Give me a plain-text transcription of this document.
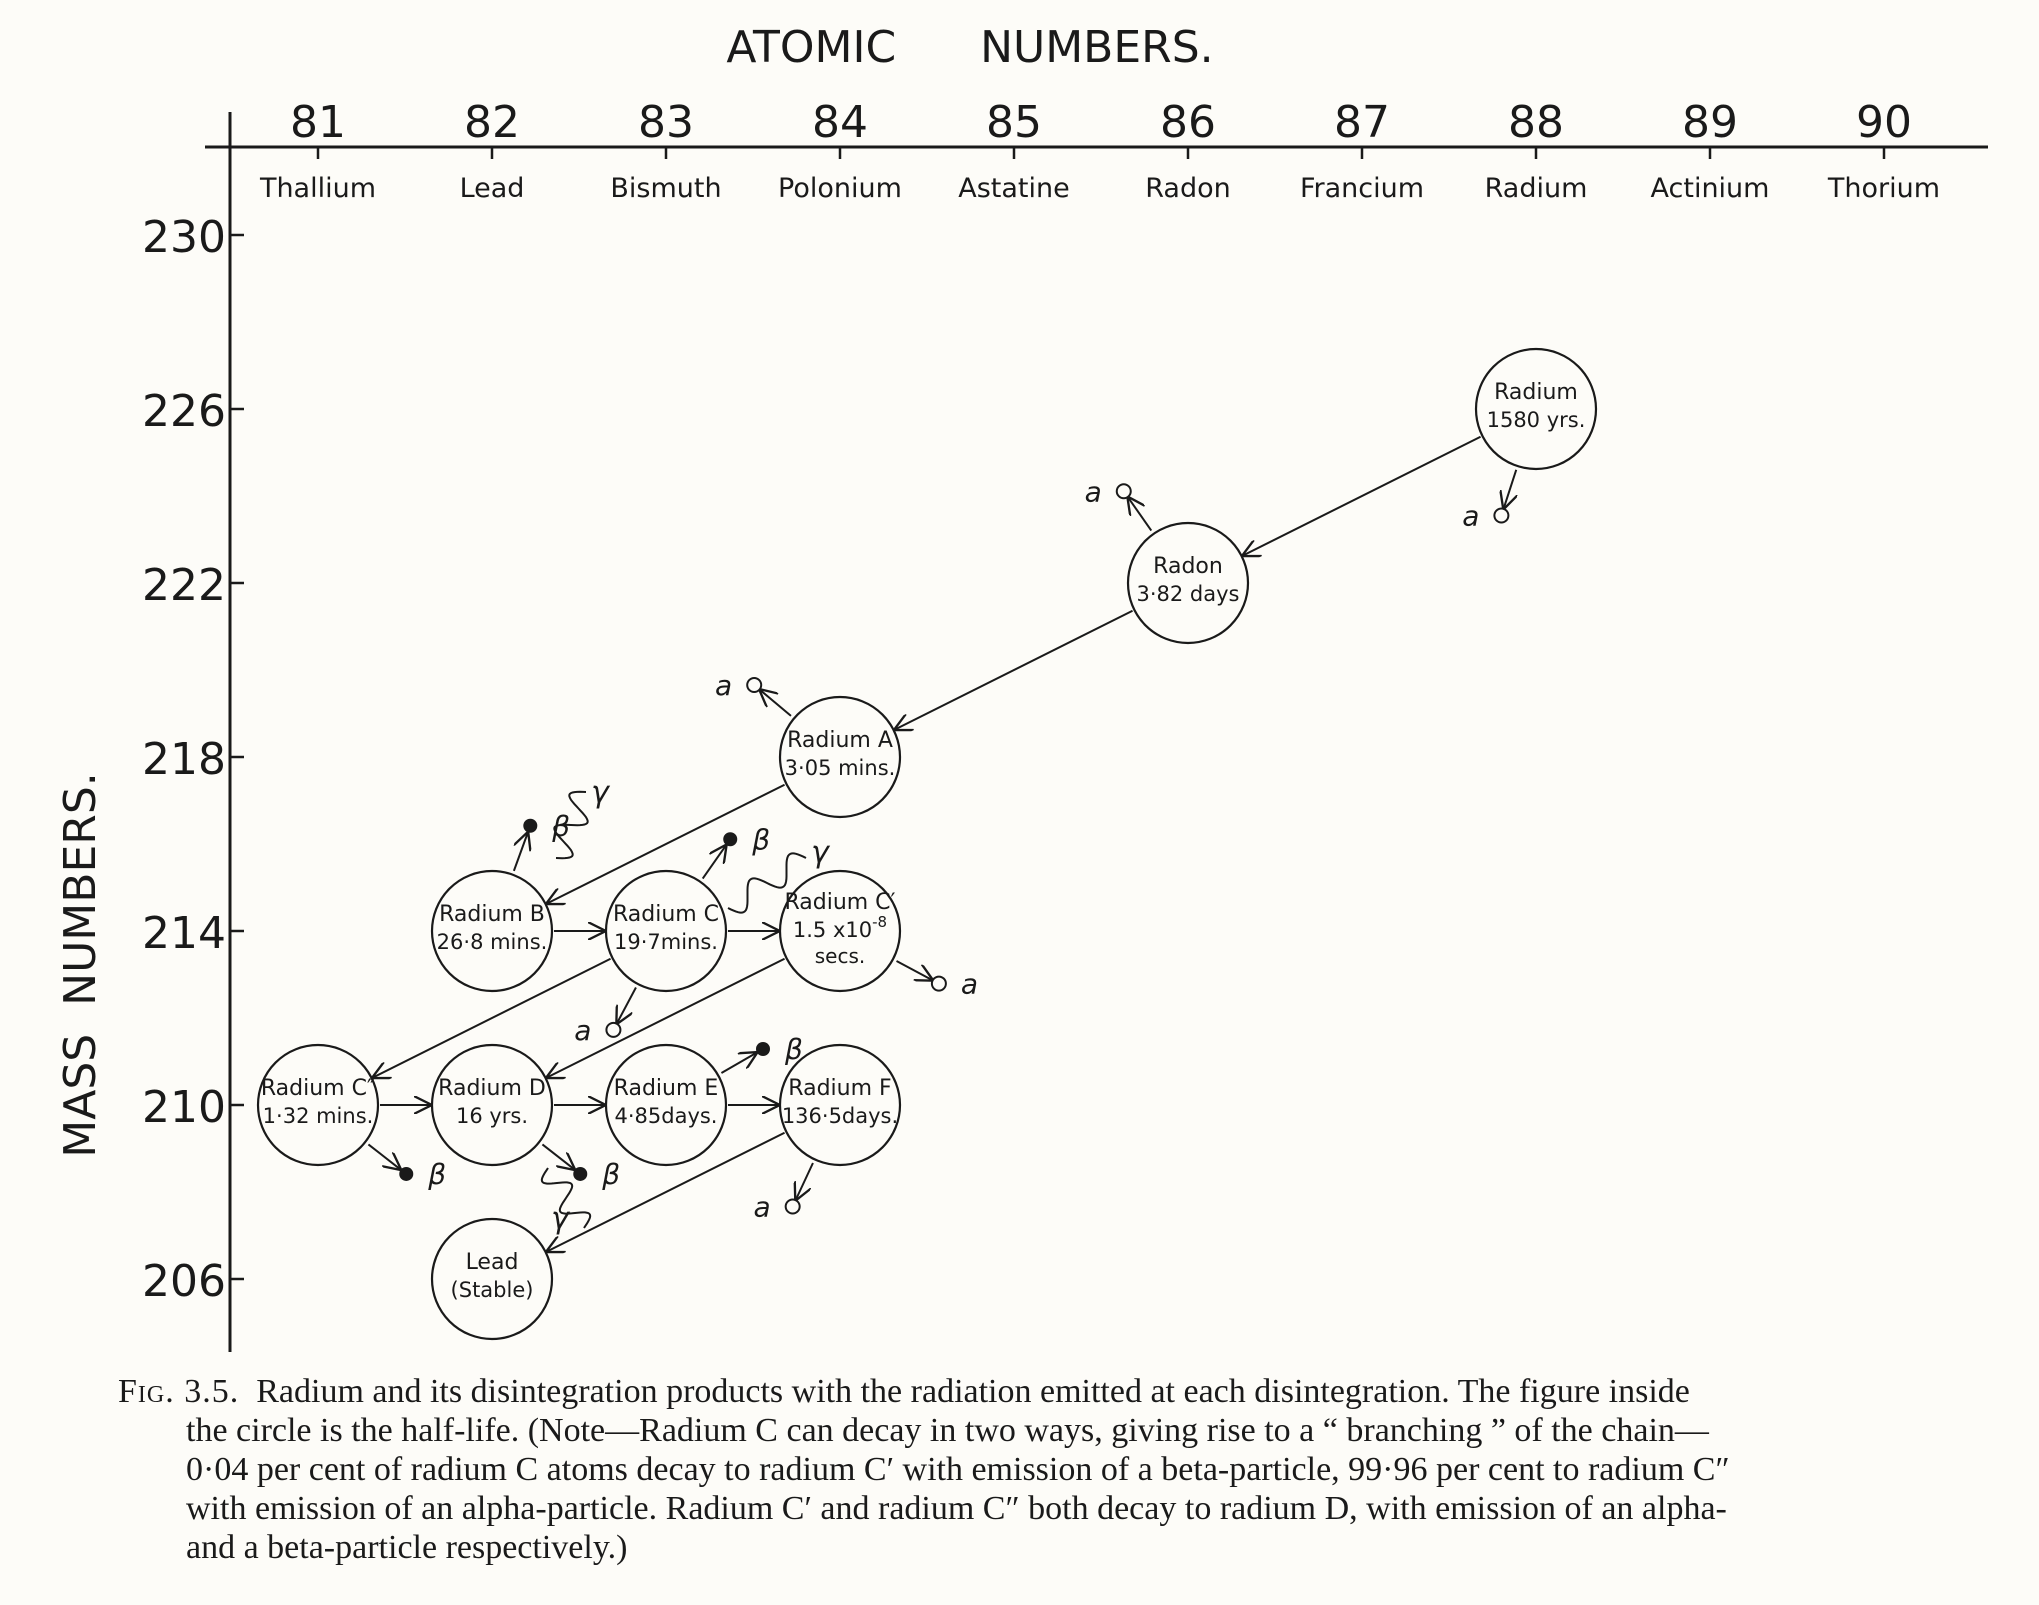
ATOMIC      NUMBERS.
MASS  NUMBERS.
81
Thallium
82
Lead
83
Bismuth
84
Polonium
85
Astatine
86
Radon
87
Francium
88
Radium
89
Actinium
90
Thorium
230
226
222
218
214
210
206
a
a
a
β	β
a
a
β	β
β
a
γ
γ
γ
Radium
1580 yrs.
Radon
3·82 days
Radium A
3·05 mins.
Radium B
26·8 mins.
Radium C
19·7mins.
Radium C′
1.5 $x10^{-8}$
secs.
Radium C″
1·32 mins.
Radium D
16 yrs.
Radium E
4·85days.
Radium F
136·5days.
Lead
(Stable)
Fig. 3.5. Radium and its disintegration products with the radiation emitted at each disintegration. The figure inside
the circle is the half-life. (Note—Radium C can decay in two ways, giving rise to a “ branching ” of the chain—
0·04 per cent of radium C atoms decay to radium C′ with emission of a beta-particle, 99·96 per cent to radium C″
with emission of an alpha-particle. Radium C′ and radium C″ both decay to radium D, with emission of an alpha-
and a beta-particle respectively.)
